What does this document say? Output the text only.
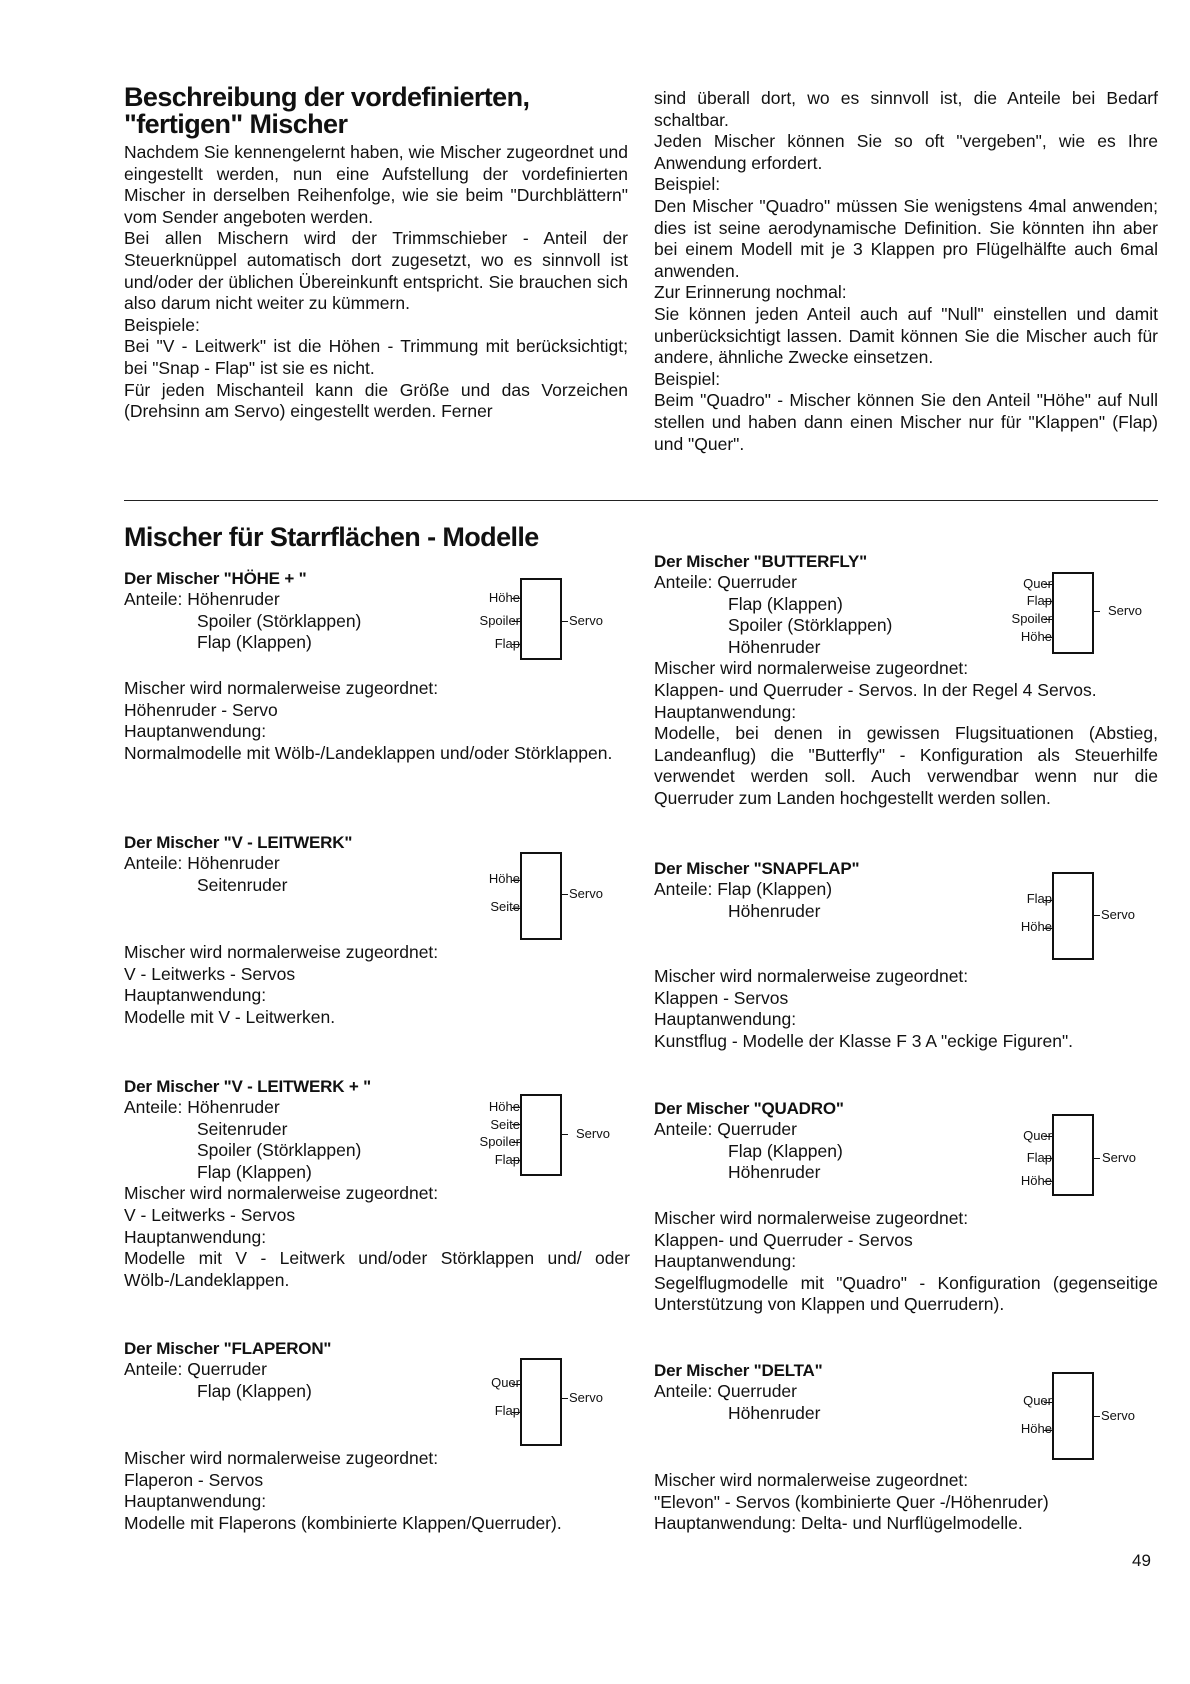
Beschreibung der vordefinierten,
"fertigen" Mischer

Nachdem Sie kennengelernt haben, wie Mischer zugeordnet und eingestellt werden, nun eine Aufstellung der vordefinierten Mischer in derselben Reihenfolge, wie sie beim "Durchblättern" vom Sender angeboten werden.

Bei allen Mischern wird der Trimmschieber - Anteil der Steuerknüppel automatisch dort zugesetzt, wo es sinnvoll ist und/oder der üblichen Übereinkunft entspricht. Sie brauchen sich also darum nicht weiter zu kümmern.

Beispiele:

Bei "V - Leitwerk" ist die Höhen - Trimmung mit berücksichtigt; bei "Snap - Flap" ist sie es nicht.

Für jeden Mischanteil kann die Größe und das Vorzeichen (Drehsinn am Servo) eingestellt werden. Ferner

sind überall dort, wo es sinnvoll ist, die Anteile bei Bedarf schaltbar.

Jeden Mischer können Sie so oft "vergeben", wie es Ihre Anwendung erfordert.

Beispiel:

Den Mischer "Quadro" müssen Sie wenigstens 4mal anwenden; dies ist seine aerodynamische Definition. Sie könnten ihn aber bei einem Modell mit je 3 Klappen pro Flügelhälfte auch 6mal anwenden.

Zur Erinnerung nochmal:

Sie können jeden Anteil auch auf "Null" einstellen und damit unberücksichtigt lassen. Damit können Sie die Mischer auch für andere, ähnliche Zwecke einsetzen.

Beispiel:

Beim "Quadro" - Mischer können Sie den Anteil "Höhe" auf Null stellen und haben dann einen Mischer nur für "Klappen" (Flap) und "Quer".

Mischer für Starrflächen - Modelle

Der Mischer "HÖHE + "

Anteile: Höhenruder

Spoiler (Störklappen)

Flap (Klappen)

Höhe
Spoiler
Flap
Servo

Mischer wird normalerweise zugeordnet:

Höhenruder - Servo

Hauptanwendung:

Normalmodelle mit Wölb-/Landeklappen und/oder Störklappen.

Der Mischer "V - LEITWERK"

Anteile: Höhenruder

Seitenruder	Höhe
Seite
Servo

Mischer wird normalerweise zugeordnet:

V - Leitwerks - Servos

Hauptanwendung:

Modelle mit V - Leitwerken.

Der Mischer "V - LEITWERK + "

Anteile: Höhenruder

Seitenruder

Spoiler (Störklappen)

Flap (Klappen)

Mischer wird normalerweise zugeordnet:

V - Leitwerks - Servos

Hauptanwendung:

Modelle mit V - Leitwerk und/oder Störklappen und/ oder Wölb-/Landeklappen.

Höhe
Seite
Spoiler
Flap
Servo

Der Mischer "FLAPERON"

Anteile: Querruder

Flap (Klappen)	Quer
Flap
Servo

Mischer wird normalerweise zugeordnet:

Flaperon - Servos

Hauptanwendung:

Modelle mit Flaperons (kombinierte Klappen/Querruder).

Der Mischer "BUTTERFLY"

Anteile: Querruder

Flap (Klappen)

Spoiler (Störklappen)

Höhenruder

Mischer wird normalerweise zugeordnet:

Klappen- und Querruder - Servos. In der Regel 4 Servos.

Hauptanwendung:

Modelle, bei denen in gewissen Flugsituationen (Abstieg, Landeanflug) die "Butterfly" - Konfiguration als Steuerhilfe verwendet werden soll. Auch verwendbar wenn nur die Querruder zum Landen hochgestellt werden sollen.

Quer
Flap
Spoiler
Höhe
Servo

Der Mischer "SNAPFLAP"

Anteile: Flap (Klappen)

Höhenruder

Flap
Höhe
Servo

Mischer wird normalerweise zugeordnet:

Klappen - Servos

Hauptanwendung:

Kunstflug - Modelle der Klasse F 3 A "eckige Figuren".

Der Mischer "QUADRO"

Anteile: Querruder

Flap (Klappen)

Höhenruder

Quer
Flap
Höhe
Servo

Mischer wird normalerweise zugeordnet:

Klappen- und Querruder - Servos

Hauptanwendung:

Segelflugmodelle mit "Quadro" - Konfiguration (gegenseitige Unterstützung von Klappen und Querrudern).

Der Mischer "DELTA"

Anteile: Querruder

Höhenruder

Quer
Höhe
Servo

Mischer wird normalerweise zugeordnet:

"Elevon" - Servos (kombinierte Quer -/Höhenruder)

Hauptanwendung: Delta- und Nurflügelmodelle.

49
